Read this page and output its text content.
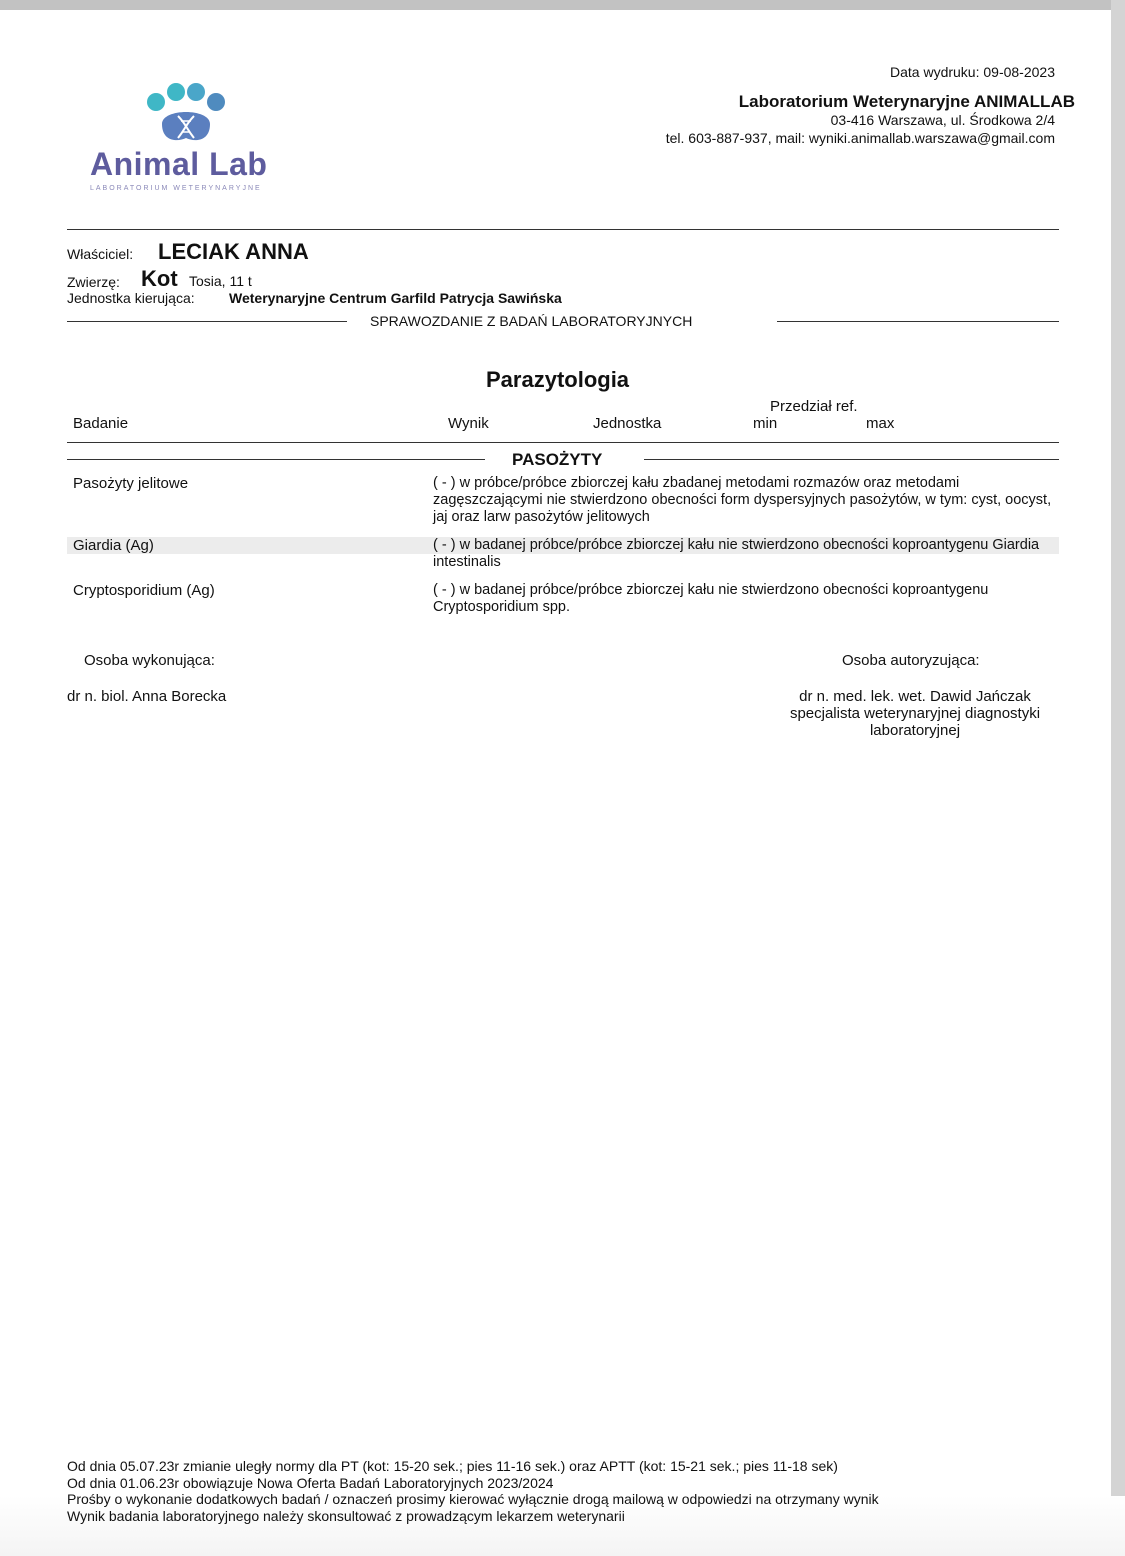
Animal Lab
LABORATORIUM WETERYNARYJNE
Data wydruku: 09-08-2023
Laboratorium Weterynaryjne ANIMALLAB
03-416 Warszawa, ul. Środkowa 2/4
tel. 603-887-937, mail: wyniki.animallab.warszawa@gmail.com
Właściciel: LECIAK ANNA
Zwierzę: Kot Tosia, 11 t
Jednostka kierująca: Weterynaryjne Centrum Garfild Patrycja Sawińska
SPRAWOZDANIE Z BADAŃ LABORATORYJNYCH
Parazytologia
Badanie	Wynik	Jednostka
Przedział ref.
min	max
PASOŻYTY
Pasożyty jelitowe	( - ) w próbce/próbce zbiorczej kału zbadanej metodami rozmazów oraz metodami zagęszczającymi nie stwierdzono obecności form dyspersyjnych pasożytów, w tym: cyst, oocyst, jaj oraz larw pasożytów jelitowych
Giardia (Ag)	( - ) w badanej próbce/próbce zbiorczej kału nie stwierdzono obecności koproantygenu Giardia intestinalis
Cryptosporidium (Ag)	( - ) w badanej próbce/próbce zbiorczej kału nie stwierdzono obecności koproantygenu Cryptosporidium spp.
Osoba wykonująca:
dr n. biol. Anna Borecka
Osoba autoryzująca:
dr n. med. lek. wet. Dawid Jańczak
specjalista weterynaryjnej diagnostyki
laboratoryjnej
Od dnia 05.07.23r zmianie uległy normy dla PT (kot: 15-20 sek.; pies 11-16 sek.) oraz APTT (kot: 15-21 sek.; pies 11-18 sek)
Od dnia 01.06.23r obowiązuje Nowa Oferta Badań Laboratoryjnych 2023/2024
Prośby o wykonanie dodatkowych badań / oznaczeń prosimy kierować wyłącznie drogą mailową w odpowiedzi na otrzymany wynik
Wynik badania laboratoryjnego należy skonsultować z prowadzącym lekarzem weterynarii
